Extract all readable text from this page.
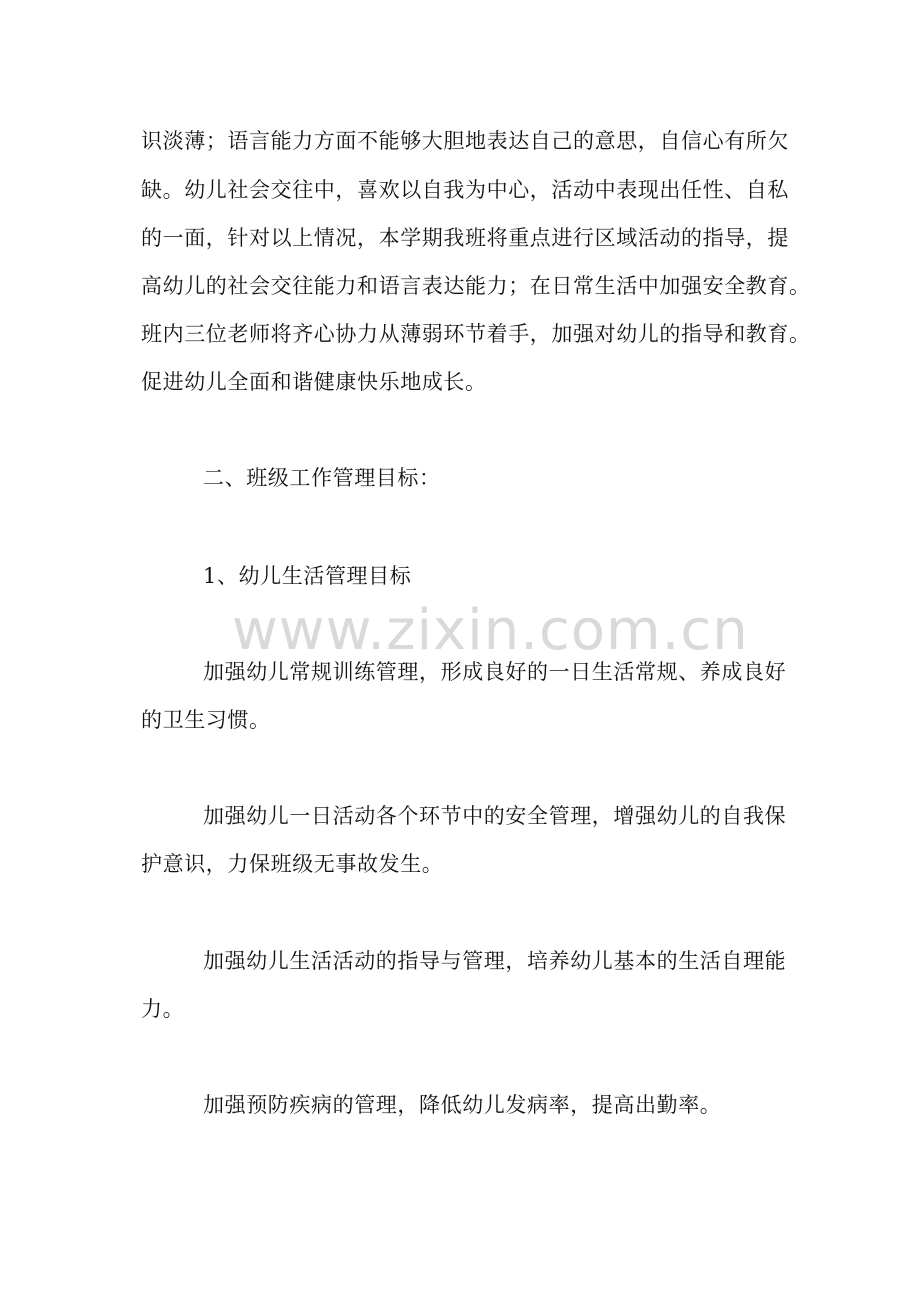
www.zixin.com.cn
识淡薄；语言能力方面不能够大胆地表达自己的意思，自信心有所欠
缺。幼儿社会交往中，喜欢以自我为中心，活动中表现出任性、自私
的一面，针对以上情况，本学期我班将重点进行区域活动的指导，提
高幼儿的社会交往能力和语言表达能力；在日常生活中加强安全教育。
班内三位老师将齐心协力从薄弱环节着手，加强对幼儿的指导和教育。
促进幼儿全面和谐健康快乐地成长。
二、班级工作管理目标：
1、幼儿生活管理目标
加强幼儿常规训练管理，形成良好的一日生活常规、养成良好
的卫生习惯。
加强幼儿一日活动各个环节中的安全管理，增强幼儿的自我保
护意识，力保班级无事故发生。
加强幼儿生活活动的指导与管理，培养幼儿基本的生活自理能
力。
加强预防疾病的管理，降低幼儿发病率，提高出勤率。
